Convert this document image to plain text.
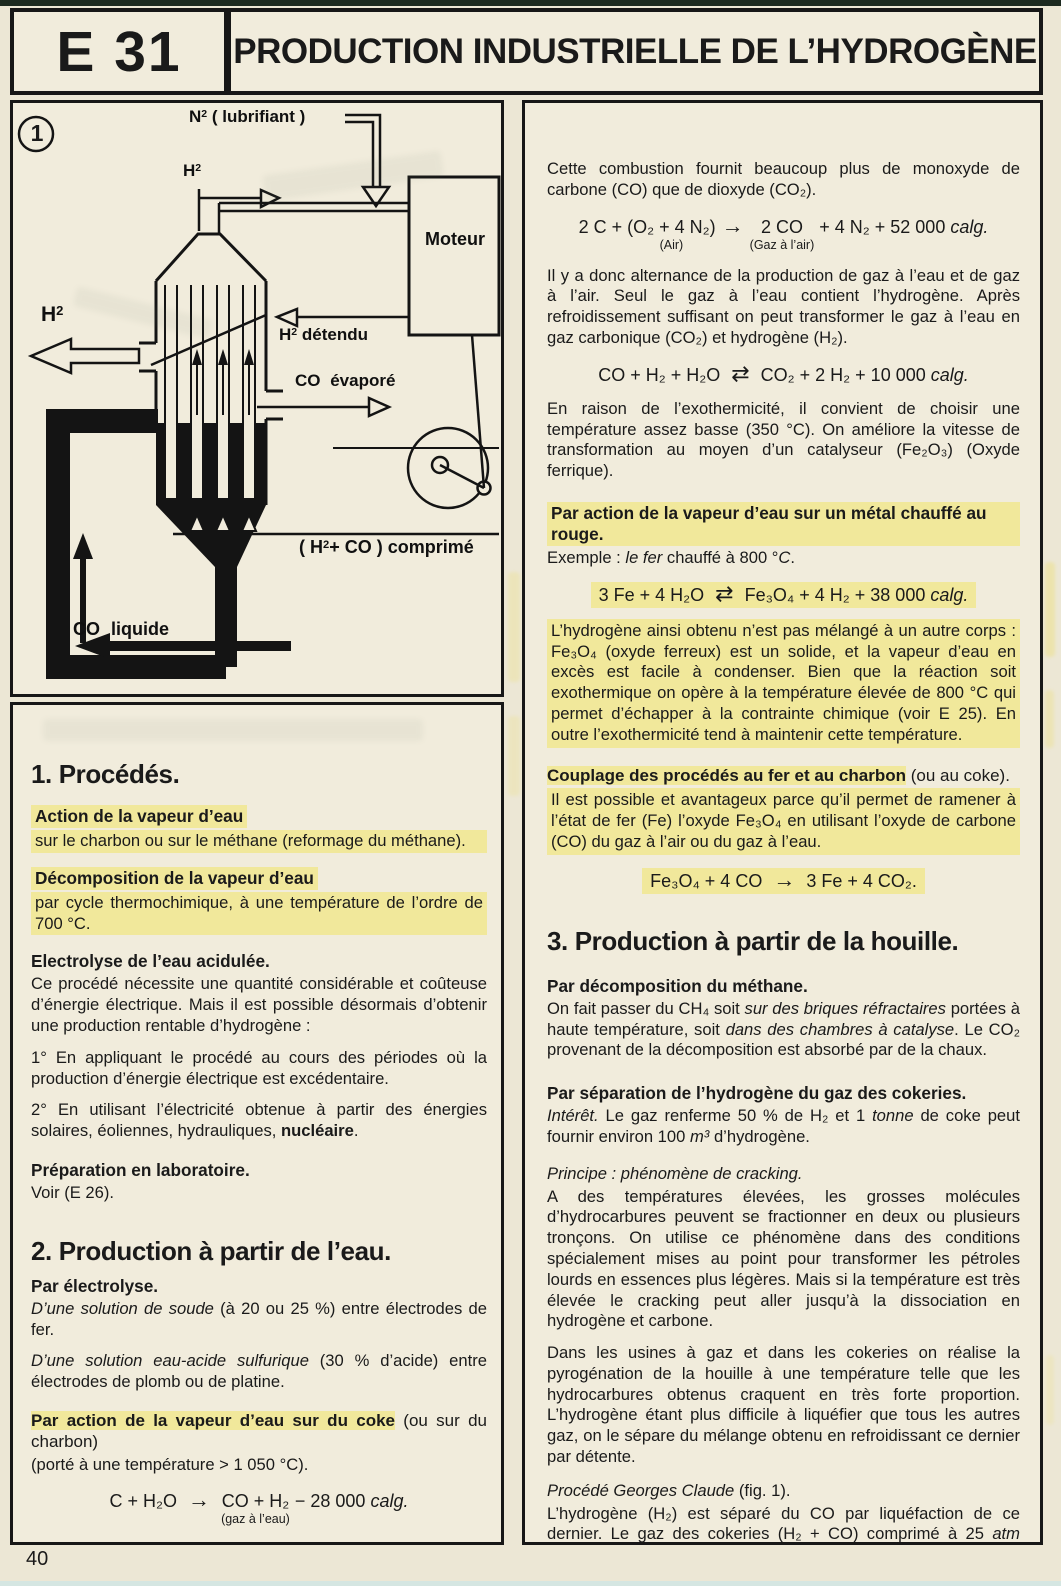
E 31 PRODUCTION INDUSTRIELLE DE L’HYDROGÈNE
1
$N^2$ ( lubrifiant )
$H^2$
Moteur
$H^2$
$H^2$ détendu
CO évaporé
( $H^2+$ CO ) comprimé
CO liquide
1. Procédés.
Action de la vapeur d’eau
sur le charbon ou sur le méthane (reformage du méthane).
Décomposition de la vapeur d’eau
par cycle thermochimique, à une température de l’ordre de 700 °C.
Electrolyse de l’eau acidulée.
Ce procédé nécessite une quantité considérable et coûteuse d’énergie électrique. Mais il est possible désormais d’obtenir une production rentable d’hydrogène :
1° En appliquant le procédé au cours des périodes où la production d’énergie électrique est excédentaire.
2° En utilisant l’électricité obtenue à partir des énergies solaires, éoliennes, hydrauliques, nucléaire.
Préparation en laboratoire.
Voir (E 26).
2. Production à partir de l’eau.
Par électrolyse.
D’une solution de soude (à 20 ou 25 %) entre électrodes de fer.
D’une solution eau-acide sulfurique (30 % d’acide) entre électrodes de plomb ou de platine.
Par action de la vapeur d’eau sur du coke (ou sur du charbon)
(porté à une température > 1 050 °C).
C + H₂O → CO + H₂
(gaz à l’eau)
− 28 000 calg.
Cette combustion fournit beaucoup plus de monoxyde de carbone (CO) que de dioxyde (CO₂).
2 C + (O₂ + 4 N₂)
(Air)
→ 2 CO
(Gaz à l’air)
+ 4 N₂ + 52 000 calg.
Il y a donc alternance de la production de gaz à l’eau et de gaz à l’air. Seul le gaz à l’eau contient l’hydrogène. Après refroidissement suffisant on peut transformer le gaz à l’eau en gaz carbonique (CO₂) et hydrogène (H₂).
CO + H₂ + H₂O ⇄ CO₂ + 2 H₂ + 10 000 calg.
En raison de l’exothermicité, il convient de choisir une température assez basse (350 °C). On améliore la vitesse de transformation au moyen d’un catalyseur (Fe₂O₃) (Oxyde ferrique).
Par action de la vapeur d’eau sur un métal chauffé au rouge.
Exemple : le fer chauffé à 800 °C.
3 Fe + 4 H₂O ⇄ Fe₃O₄ + 4 H₂ + 38 000 calg.
L’hydrogène ainsi obtenu n’est pas mélangé à un autre corps : Fe₃O₄ (oxyde ferreux) est un solide, et la vapeur d’eau en excès est facile à condenser. Bien que la réaction soit exothermique on opère à la température élevée de 800 °C qui permet d’échapper à la contrainte chimique (voir E 25). En outre l’exothermicité tend à maintenir cette température.
Couplage des procédés au fer et au charbon (ou au coke).
Il est possible et avantageux parce qu’il permet de ramener à l’état de fer (Fe) l’oxyde Fe₃O₄ en utilisant l’oxyde de carbone (CO) du gaz à l’air ou du gaz à l’eau.
Fe₃O₄ + 4 CO → 3 Fe + 4 CO₂.
3. Production à partir de la houille.
Par décomposition du méthane.
On fait passer du CH₄ soit sur des briques réfractaires portées à haute température, soit dans des chambres à catalyse. Le CO₂ provenant de la décomposition est absorbé par de la chaux.
Par séparation de l’hydrogène du gaz des cokeries.
Intérêt. Le gaz renferme 50 % de H₂ et 1 tonne de coke peut fournir environ 100 m³ d’hydrogène.
Principe : phénomène de cracking.
A des températures élevées, les grosses molécules d’hydrocarbures peuvent se fractionner en deux ou plusieurs tronçons. On utilise ce phénomène dans des conditions spécialement mises au point pour transformer les pétroles lourds en essences plus légères. Mais si la température est très élevée le cracking peut aller jusqu’à la dissociation en hydrogène et carbone.
Dans les usines à gaz et dans les cokeries on réalise la pyrogénation de la houille à une température telle que les hydrocarbures obtenus craquent en très forte proportion. L’hydrogène étant plus difficile à liquéfier que tous les autres gaz, on le sépare du mélange obtenu en refroidissant ce dernier par détente.
Procédé Georges Claude (fig. 1).
L’hydrogène (H₂) est séparé du CO par liquéfaction de ce dernier. Le gaz des cokeries (H₂ + CO) comprimé à 25 atm
40
